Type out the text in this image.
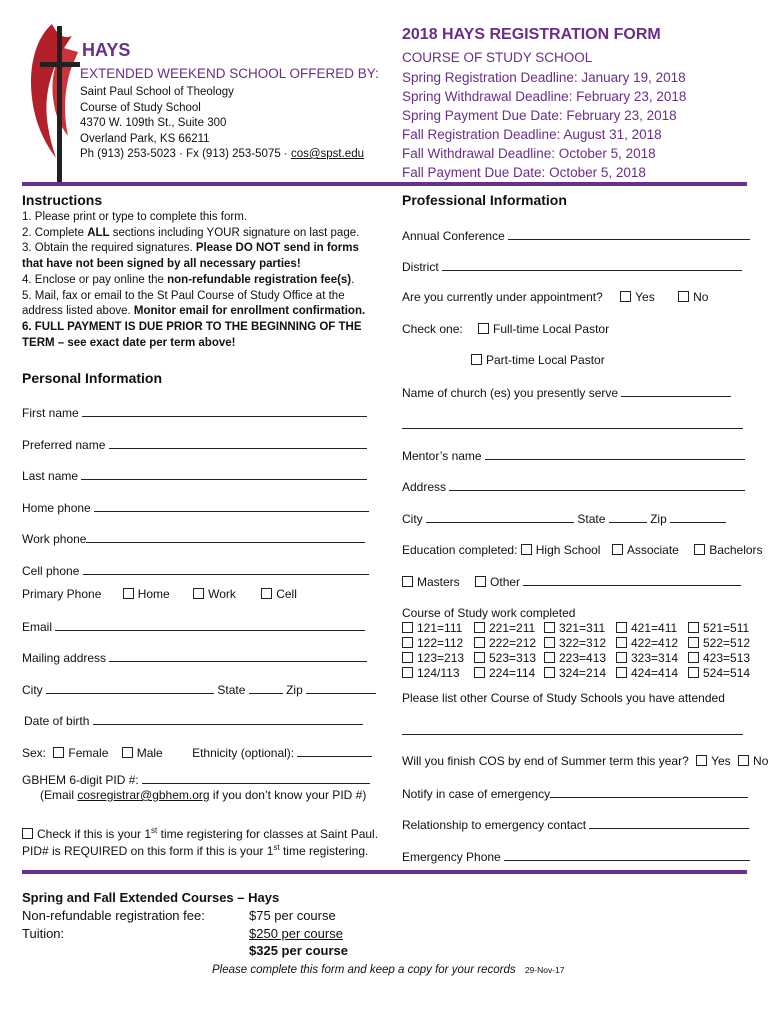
HAYS
EXTENDED WEEKEND SCHOOL OFFERED BY:
Saint Paul School of Theology
Course of Study School
4370 W. 109th St., Suite 300
Overland Park, KS 66211
Ph (913) 253-5023 · Fx (913) 253-5075 · cos@spst.edu
2018 HAYS REGISTRATION FORM
COURSE OF STUDY SCHOOL
Spring Registration Deadline: January 19, 2018
Spring Withdrawal Deadline: February 23, 2018
Spring Payment Due Date: February 23, 2018
Fall Registration Deadline: August 31, 2018
Fall Withdrawal Deadline: October 5, 2018
Fall Payment Due Date: October 5, 2018
Instructions
1. Please print or type to complete this form.
2. Complete ALL sections including YOUR signature on last page.
3. Obtain the required signatures. Please DO NOT send in forms
that have not been signed by all necessary parties!
4. Enclose or pay online the non-refundable registration fee(s).
5. Mail, fax or email to the St Paul Course of Study Office at the
address listed above. Monitor email for enrollment confirmation.
6. FULL PAYMENT IS DUE PRIOR TO THE BEGINNING OF THE
TERM – see exact date per term above!
Personal Information
First name
Preferred name
Last name
Home phone
Work phone
Cell phone
Primary Phone	Home	Work	Cell
Email
Mailing address
City	State	Zip
Date of birth
Sex: Female Male Ethnicity (optional):
GBHEM 6-digit PID #:
(Email cosregistrar@gbhem.org if you don’t know your PID #)
Check if this is your 1st time registering for classes at Saint Paul.
PID# is REQUIRED on this form if this is your 1st time registering.
Professional Information
Annual Conference
District
Are you currently under appointment?	Yes	No
Check one:	Full-time Local Pastor
Part-time Local Pastor
Name of church (es) you presently serve
Mentor’s name
Address
City	State	Zip
Education completed: High School Associate	Bachelors
Masters	Other
Course of Study work completed
121=111	221=211	321=311	421=411	521=511
122=112	222=212	322=312	422=412	522=512
123=213	523=313	223=413	323=314	423=513
124/113	224=114	324=214	424=414	524=514
Please list other Course of Study Schools you have attended
Will you finish COS by end of Summer term this year? Yes No
Notify in case of emergency
Relationship to emergency contact
Emergency Phone
Spring and Fall Extended Courses – Hays
Non-refundable registration fee:	$75 per course
Tuition:	$250 per course
$325 per course
Please complete this form and keep a copy for your records 29-Nov-17
